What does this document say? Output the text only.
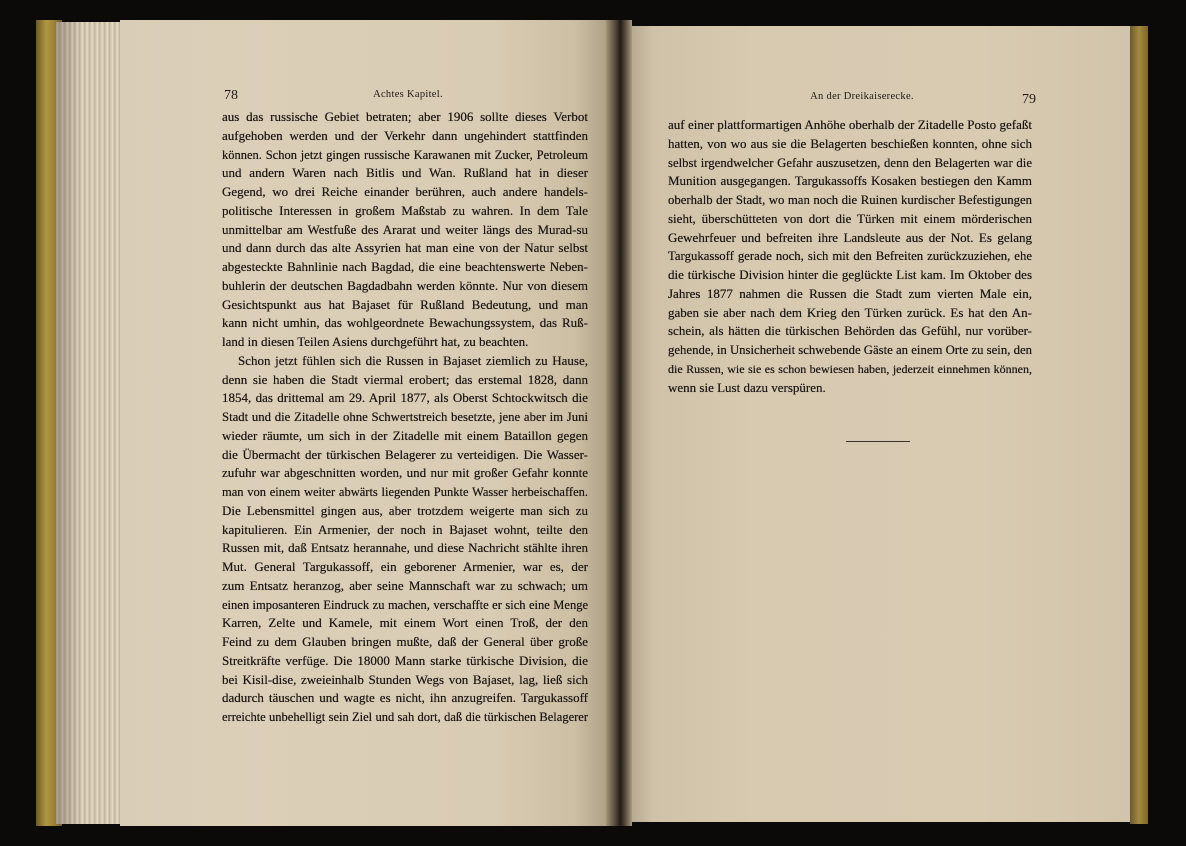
78	Achtes Kapitel.
aus das russische Gebiet betraten; aber 1906 sollte dieses Verbot
aufgehoben werden und der Verkehr dann ungehindert stattfinden
können. Schon jetzt gingen russische Karawanen mit Zucker, Petroleum
und andern Waren nach Bitlis und Wan. Rußland hat in dieser
Gegend, wo drei Reiche einander berühren, auch andere handels-
politische Interessen in großem Maßstab zu wahren. In dem Tale
unmittelbar am Westfuße des Ararat und weiter längs des Murad-su
und dann durch das alte Assyrien hat man eine von der Natur selbst
abgesteckte Bahnlinie nach Bagdad, die eine beachtenswerte Neben-
buhlerin der deutschen Bagdadbahn werden könnte. Nur von diesem
Gesichtspunkt aus hat Bajaset für Rußland Bedeutung, und man
kann nicht umhin, das wohlgeordnete Bewachungssystem, das Ruß-
land in diesen Teilen Asiens durchgeführt hat, zu beachten.
Schon jetzt fühlen sich die Russen in Bajaset ziemlich zu Hause,
denn sie haben die Stadt viermal erobert; das erstemal 1828, dann
1854, das drittemal am 29. April 1877, als Oberst Schtockwitsch die
Stadt und die Zitadelle ohne Schwertstreich besetzte, jene aber im Juni
wieder räumte, um sich in der Zitadelle mit einem Bataillon gegen
die Übermacht der türkischen Belagerer zu verteidigen. Die Wasser-
zufuhr war abgeschnitten worden, und nur mit großer Gefahr konnte
man von einem weiter abwärts liegenden Punkte Wasser herbeischaffen.
Die Lebensmittel gingen aus, aber trotzdem weigerte man sich zu
kapitulieren. Ein Armenier, der noch in Bajaset wohnt, teilte den
Russen mit, daß Entsatz herannahe, und diese Nachricht stählte ihren
Mut. General Targukassoff, ein geborener Armenier, war es, der
zum Entsatz heranzog, aber seine Mannschaft war zu schwach; um
einen imposanteren Eindruck zu machen, verschaffte er sich eine Menge
Karren, Zelte und Kamele, mit einem Wort einen Troß, der den
Feind zu dem Glauben bringen mußte, daß der General über große
Streitkräfte verfüge. Die 18000 Mann starke türkische Division, die
bei Kisil-dise, zweieinhalb Stunden Wegs von Bajaset, lag, ließ sich
dadurch täuschen und wagte es nicht, ihn anzugreifen. Targukassoff
erreichte unbehelligt sein Ziel und sah dort, daß die türkischen Belagerer
An der Dreikaiserecke.	79
auf einer plattformartigen Anhöhe oberhalb der Zitadelle Posto gefaßt
hatten, von wo aus sie die Belagerten beschießen konnten, ohne sich
selbst irgendwelcher Gefahr auszusetzen, denn den Belagerten war die
Munition ausgegangen. Targukassoffs Kosaken bestiegen den Kamm
oberhalb der Stadt, wo man noch die Ruinen kurdischer Befestigungen
sieht, überschütteten von dort die Türken mit einem mörderischen
Gewehrfeuer und befreiten ihre Landsleute aus der Not. Es gelang
Targukassoff gerade noch, sich mit den Befreiten zurückzuziehen, ehe
die türkische Division hinter die geglückte List kam. Im Oktober des
Jahres 1877 nahmen die Russen die Stadt zum vierten Male ein,
gaben sie aber nach dem Krieg den Türken zurück. Es hat den An-
schein, als hätten die türkischen Behörden das Gefühl, nur vorüber-
gehende, in Unsicherheit schwebende Gäste an einem Orte zu sein, den
die Russen, wie sie es schon bewiesen haben, jederzeit einnehmen können,
wenn sie Lust dazu verspüren.
